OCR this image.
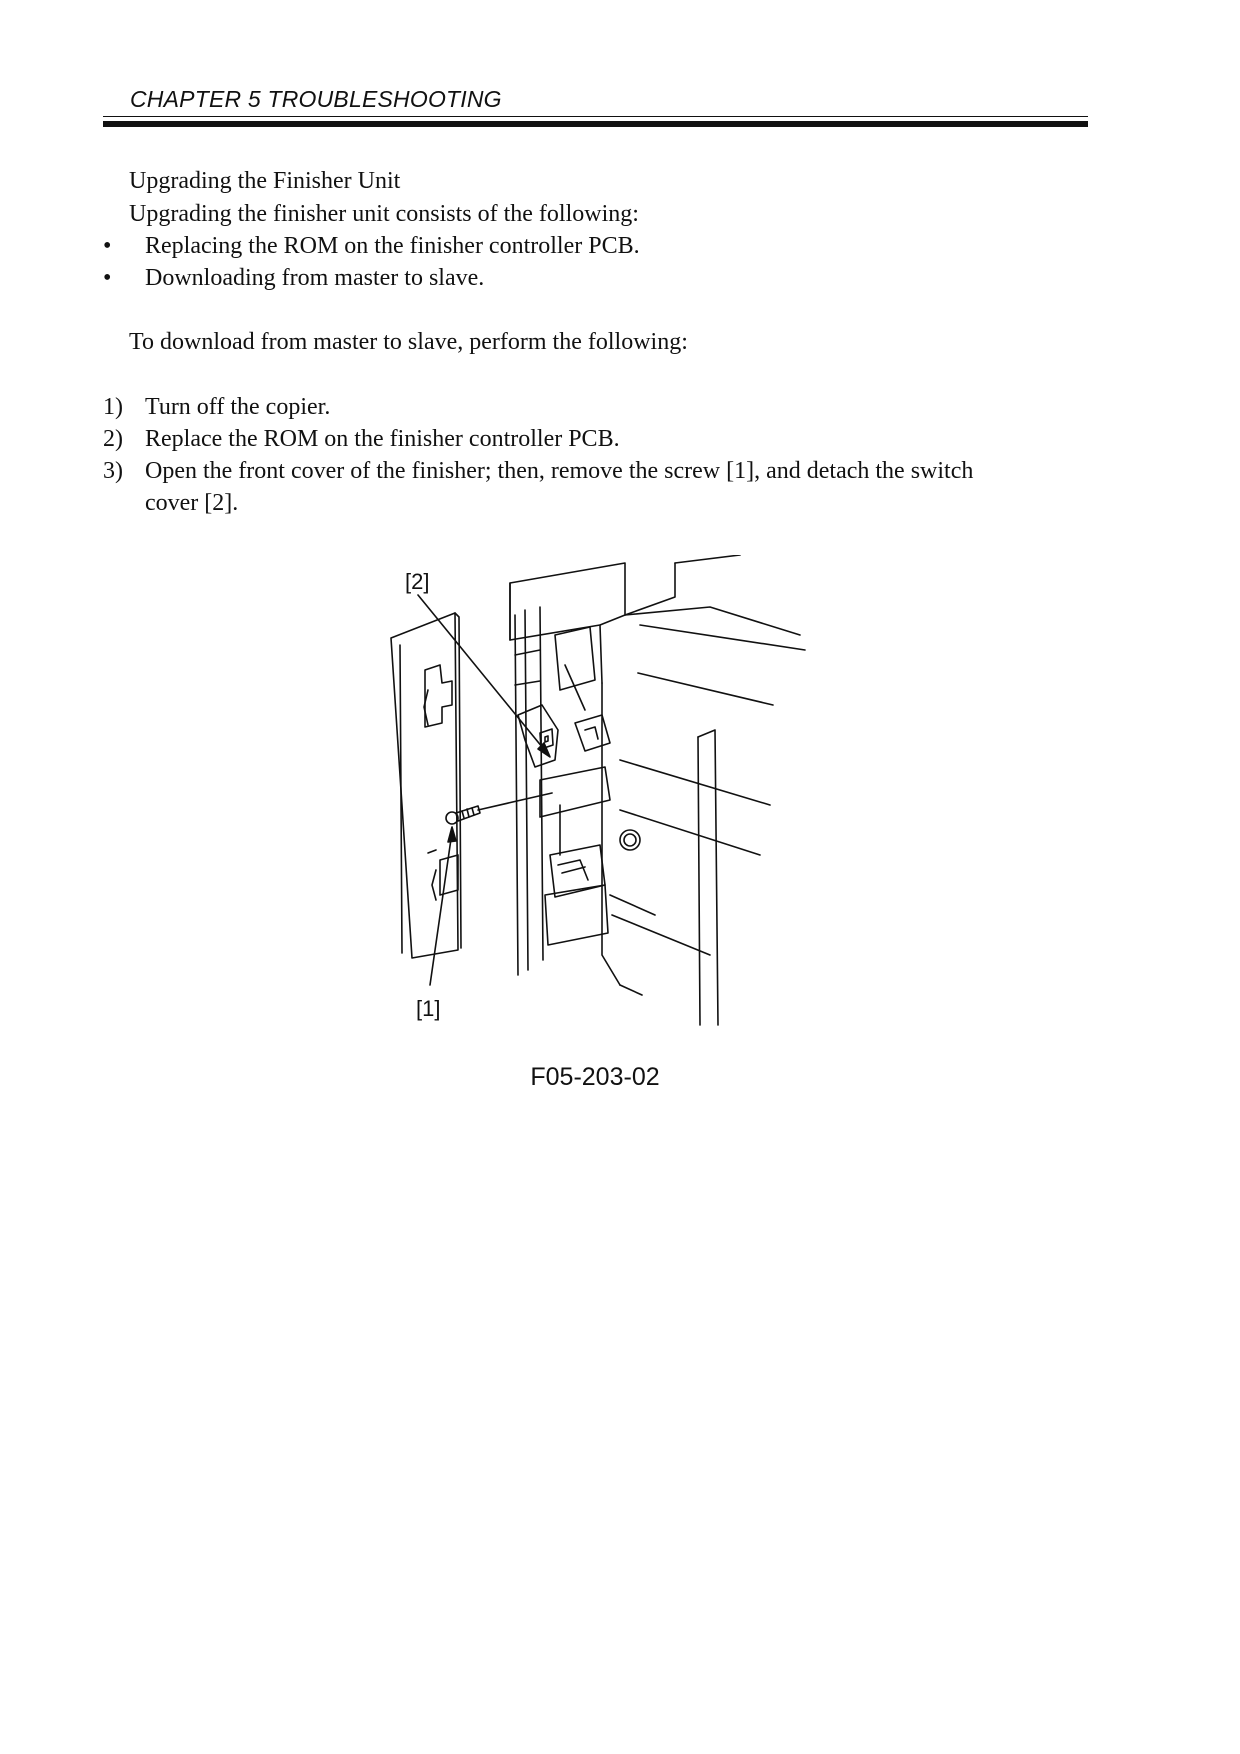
CHAPTER 5 TROUBLESHOOTING
Upgrading the Finisher Unit
Upgrading the finisher unit consists of the following:
• Replacing the ROM on the finisher controller PCB.
• Downloading from master to slave.
To download from master to slave, perform the following:
1) Turn off the copier.
2) Replace the ROM on the finisher controller PCB.
3) Open the front cover of the finisher; then, remove the screw [1], and detach the switch
cover [2].
[2]
[1]
F05-203-02
